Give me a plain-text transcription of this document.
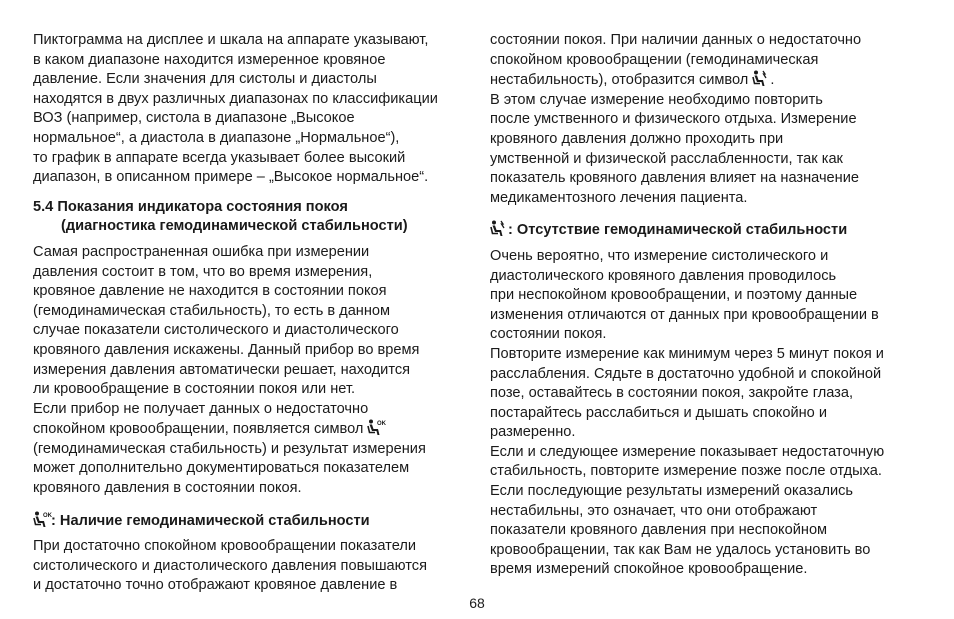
Пиктограмма на дисплее и шкала на аппарате указывают,
в каком диапазоне находится измеренное кровяное
давление. Если значения для систолы и диастолы
находятся в двух различных диапазонах по классификации
ВОЗ (например, систола в диапазоне „Высокое
нормальное“, а диастола в диапазоне „Нормальное“),
то график в аппарате всегда указывает более высокий
диапазон, в описанном примере – „Высокое нормальное“.
5.4 Показания индикатора состояния покоя
(диагностика гемодинамической стабильности)
Самая распространенная ошибка при измерении
давления состоит в том, что во время измерения,
кровяное давление не находится в состоянии покоя
(гемодинамическая стабильность), то есть в данном
случае показатели систолического и диастолического
кровяного давления искажены. Данный прибор во время
измерения давления автоматически решает, находится
ли кровообращение в состоянии покоя или нет.
Если прибор не получает данных о недостаточно
спокойном кровообращении, появляется символ OK
(гемодинамическая стабильность) и результат измерения
может дополнительно документироваться показателем
кровяного давления в состоянии покоя.
OK : Наличие гемодинамической стабильности
При достаточно спокойном кровообращении показатели
систолического и диастолического давления повышаются
и достаточно точно отображают кровяное давление в
состоянии покоя. При наличии данных о недостаточно
спокойном кровообращении (гемодинамическая
нестабильность), отобразится символ .
В этом случае измерение необходимо повторить
после умственного и физического отдыха. Измерение
кровяного давления должно проходить при
умственной и физической расслабленности, так как
показатель кровяного давления влияет на назначение
медикаментозного лечения пациента.
: Отсутствие гемодинамической стабильности
Очень вероятно, что измерение систолического и
диастолического кровяного давления проводилось
при неспокойном кровообращении, и поэтому данные
изменения отличаются от данных при кровообращении в
состоянии покоя.
Повторите измерение как минимум через 5 минут покоя и
расслабления. Сядьте в достаточно удобной и спокойной
позе, оставайтесь в состоянии покоя, закройте глаза,
постарайтесь расслабиться и дышать спокойно и
размеренно.
Если и следующее измерение показывает недостаточную
стабильность, повторите измерение позже после отдыха.
Если последующие результаты измерений оказались
нестабильны, это означает, что они отображают
показатели кровяного давления при неспокойном
кровообращении, так как Вам не удалось установить во
время измерений спокойное кровообращение.
68
